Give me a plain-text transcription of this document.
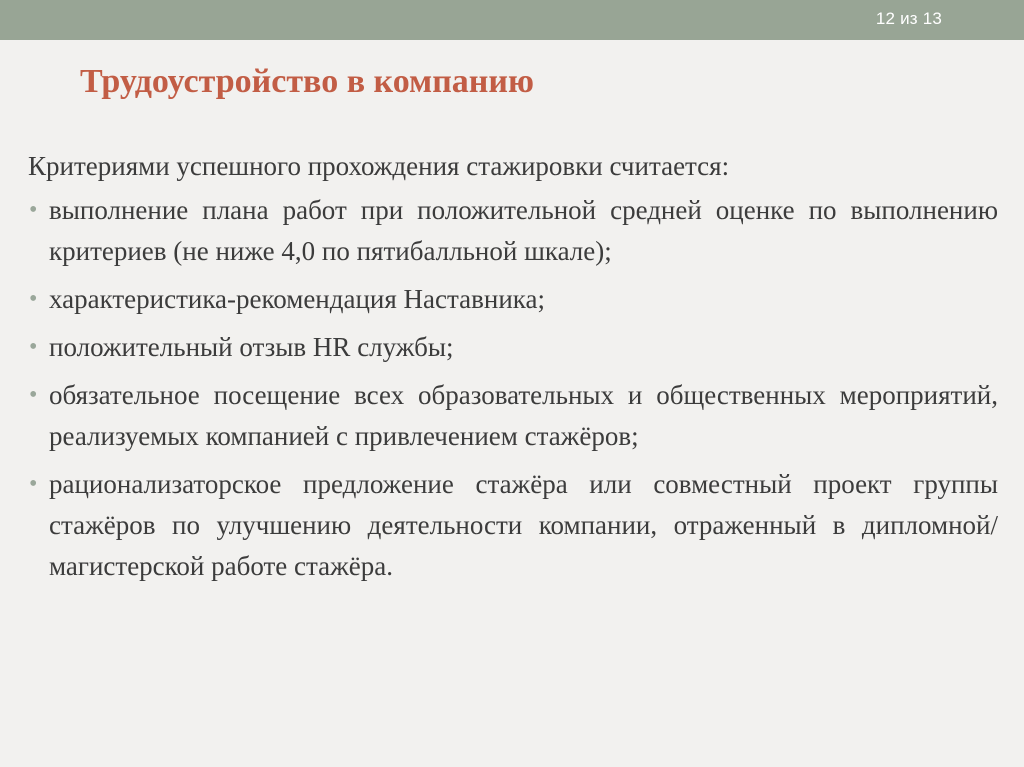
12 из 13
Трудоустройство в компанию

Критериями успешного прохождения стажировки считается:

• выполнение плана работ при положительной средней оценке по выполнению критериев (не ниже 4,0 по пятибалльной шкале);
• характеристика-рекомендация Наставника;
• положительный отзыв HR службы;
• обязательное посещение всех образовательных и общественных мероприятий, реализуемых компанией с привлечением стажёров;
• рационализаторское предложение стажёра или совместный проект группы стажёров по улучшению деятельности компании, отраженный в дипломной/магистерской работе стажёра.
